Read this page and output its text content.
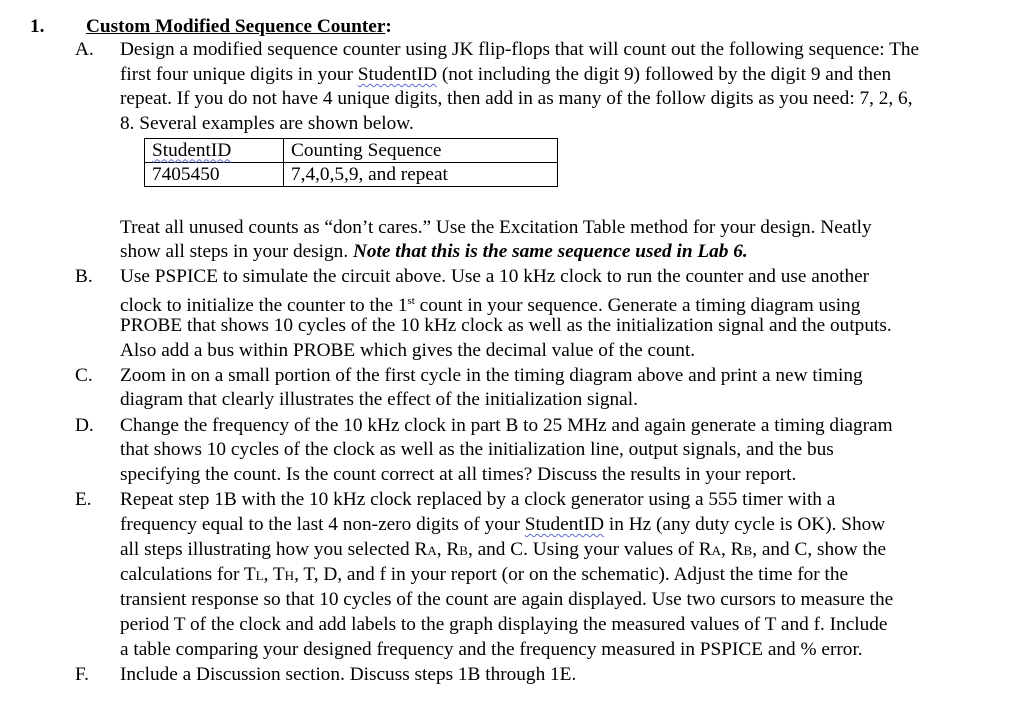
1. Custom Modified Sequence Counter:
A. Design a modified sequence counter using JK flip-flops that will count out the following sequence: The
first four unique digits in your StudentID (not including the digit 9) followed by the digit 9 and then
repeat. If you do not have 4 unique digits, then add in as many of the follow digits as you need: 7, 2, 6,
8. Several examples are shown below.
Treat all unused counts as “don’t cares.” Use the Excitation Table method for your design. Neatly
show all steps in your design. Note that this is the same sequence used in Lab 6.
B. Use PSPICE to simulate the circuit above. Use a 10 kHz clock to run the counter and use another
clock to initialize the counter to the 1st count in your sequence. Generate a timing diagram using
PROBE that shows 10 cycles of the 10 kHz clock as well as the initialization signal and the outputs.
Also add a bus within PROBE which gives the decimal value of the count.
C. Zoom in on a small portion of the first cycle in the timing diagram above and print a new timing
diagram that clearly illustrates the effect of the initialization signal.
D. Change the frequency of the 10 kHz clock in part B to 25 MHz and again generate a timing diagram
that shows 10 cycles of the clock as well as the initialization line, output signals, and the bus
specifying the count. Is the count correct at all times? Discuss the results in your report.
E. Repeat step 1B with the 10 kHz clock replaced by a clock generator using a 555 timer with a
frequency equal to the last 4 non-zero digits of your StudentID in Hz (any duty cycle is OK). Show
all steps illustrating how you selected RA, RB, and C. Using your values of RA, RB, and C, show the
calculations for TL, TH, T, D, and f in your report (or on the schematic). Adjust the time for the
transient response so that 10 cycles of the count are again displayed. Use two cursors to measure the
period T of the clock and add labels to the graph displaying the measured values of T and f. Include
a table comparing your designed frequency and the frequency measured in PSPICE and % error.
F. Include a Discussion section. Discuss steps 1B through 1E.
StudentID	Counting Sequence
7405450	7,4,0,5,9, and repeat
